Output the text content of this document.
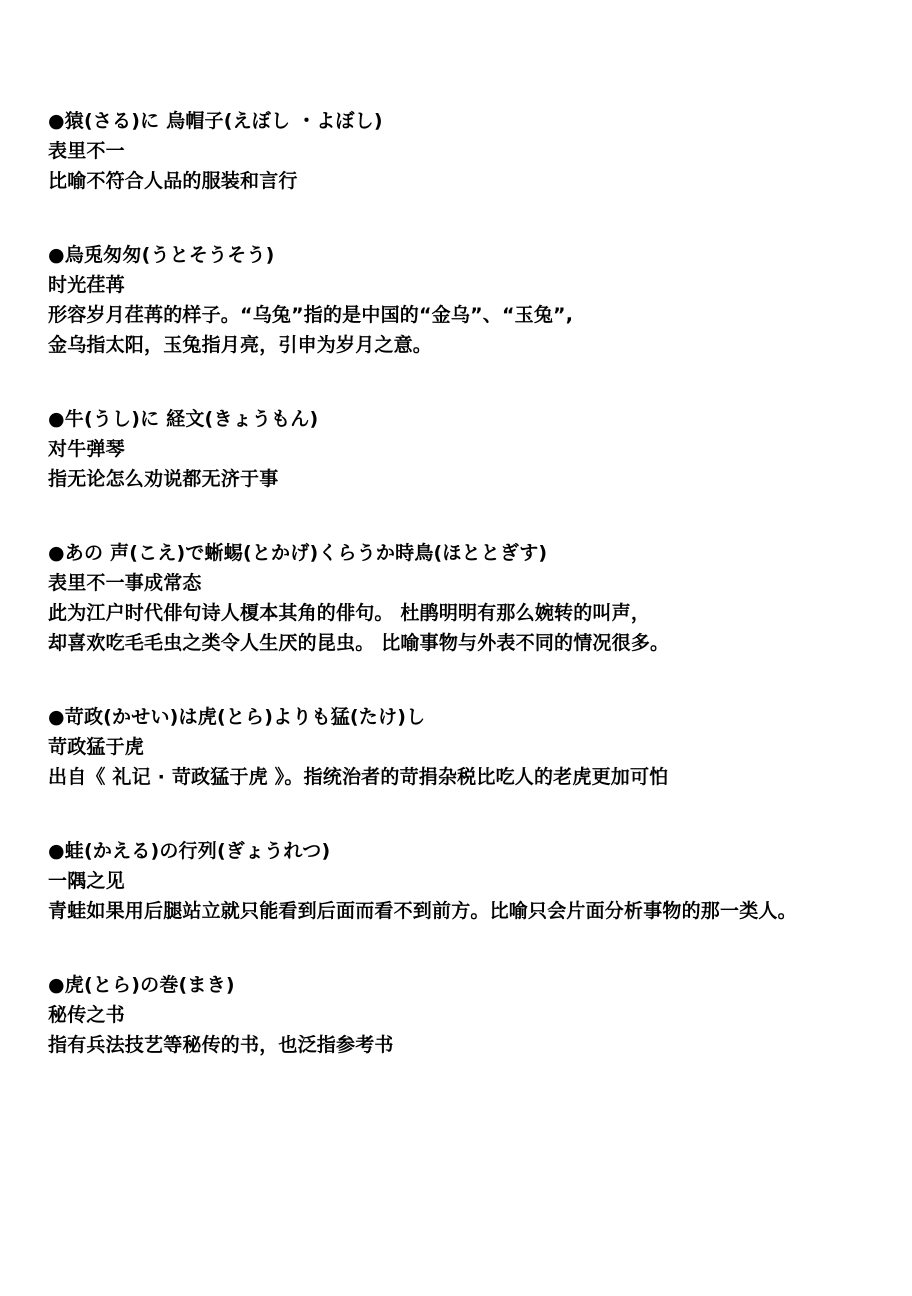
●猿(さる)に 烏帽子(えぼし ・よぼし)
表里不一
比喻不符合人品的服装和言行
●烏兎匆匆(うとそうそう)
时光荏苒
形容岁月荏苒的样子。“乌兔”指的是中国的“金乌”、“玉兔”,
金乌指太阳，玉兔指月亮，引申为岁月之意。
●牛(うし)に 経文(きょうもん)
对牛弹琴
指无论怎么劝说都无济于事
●あの 声(こえ)で蜥蜴(とかげ)くらうか時鳥(ほととぎす)
表里不一事成常态
此为江户时代俳句诗人榎本其角的俳句。 杜鹃明明有那么婉转的叫声，
却喜欢吃毛毛虫之类令人生厌的昆虫。 比喻事物与外表不同的情况很多。
●苛政(かせい)は虎(とら)よりも猛(たけ)し
苛政猛于虎
出自《 礼记 · 苛政猛于虎 》。指统治者的苛捐杂税比吃人的老虎更加可怕
●蛙(かえる)の行列(ぎょうれつ)
一隅之见
青蛙如果用后腿站立就只能看到后面而看不到前方。比喻只会片面分析事物的那一类人。
●虎(とら)の巻(まき)
秘传之书
指有兵法技艺等秘传的书，也泛指参考书
